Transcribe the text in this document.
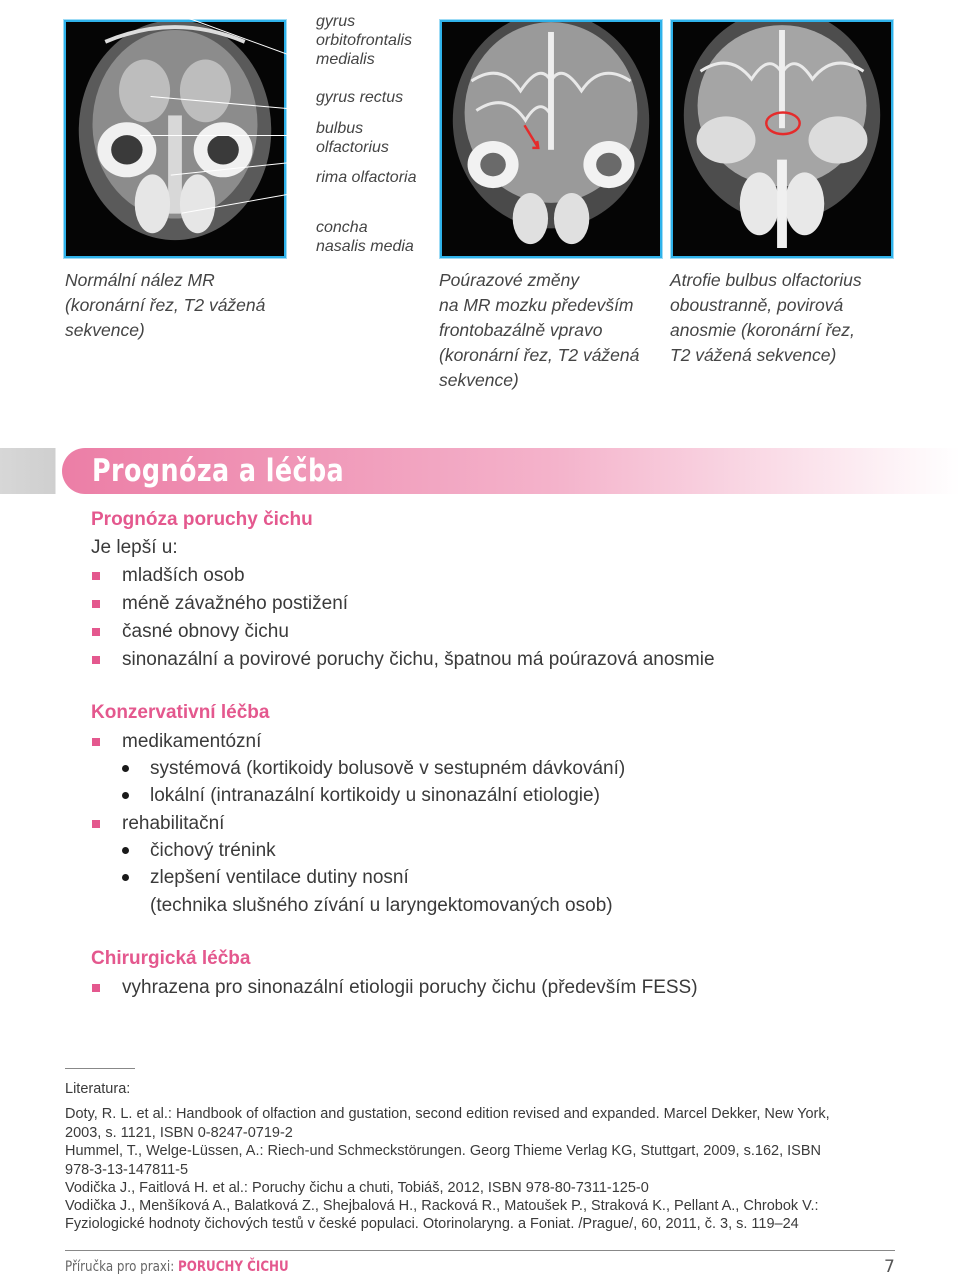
gyrus
orbitofrontalis
medialis
gyrus rectus
bulbus
olfactorius
rima olfactoria
concha
nasalis media
Normální nález MR
(koronární řez, T2 vážená
sekvence)
Poúrazové změny
na MR mozku především
frontobazálně vpravo
(koronární řez, T2 vážená
sekvence)
Atrofie bulbus olfactorius
oboustranně, povirová
anosmie (koronární řez,
T2 vážená sekvence)
Prognóza a léčba
Prognóza poruchy čichu
Je lepší u:
mladších osob
méně závažného postižení
časné obnovy čichu
sinonazální a povirové poruchy čichu, špatnou má poúrazová anosmie
Konzervativní léčba
medikamentózní
systémová (kortikoidy bolusově v sestupném dávkování)
lokální (intranazální kortikoidy u sinonazální etiologie)
rehabilitační
čichový trénink
zlepšení ventilace dutiny nosní
(technika slušného zívání u laryngektomovaných osob)
Chirurgická léčba
vyhrazena pro sinonazální etiologii poruchy čichu (především FESS)
Literatura:
Doty, R. L. et al.: Handbook of olfaction and gustation, second edition revised and expanded. Marcel Dekker, New York,
2003, s. 1121, ISBN 0-8247-0719-2
Hummel, T., Welge-Lüssen, A.: Riech-und Schmeckstörungen. Georg Thieme Verlag KG, Stuttgart, 2009, s.162, ISBN
978-3-13-147811-5
Vodička J., Faitlová H. et al.: Poruchy čichu a chuti, Tobiáš, 2012, ISBN 978-80-7311-125-0
Vodička J., Menšíková A., Balatková Z., Shejbalová H., Racková R., Matoušek P., Straková K., Pellant A., Chrobok V.:
Fyziologické hodnoty čichových testů v české populaci. Otorinolaryng. a Foniat. /Prague/, 60, 2011, č. 3, s. 119–24
Příručka pro praxi: PORUCHY ČICHU	7
